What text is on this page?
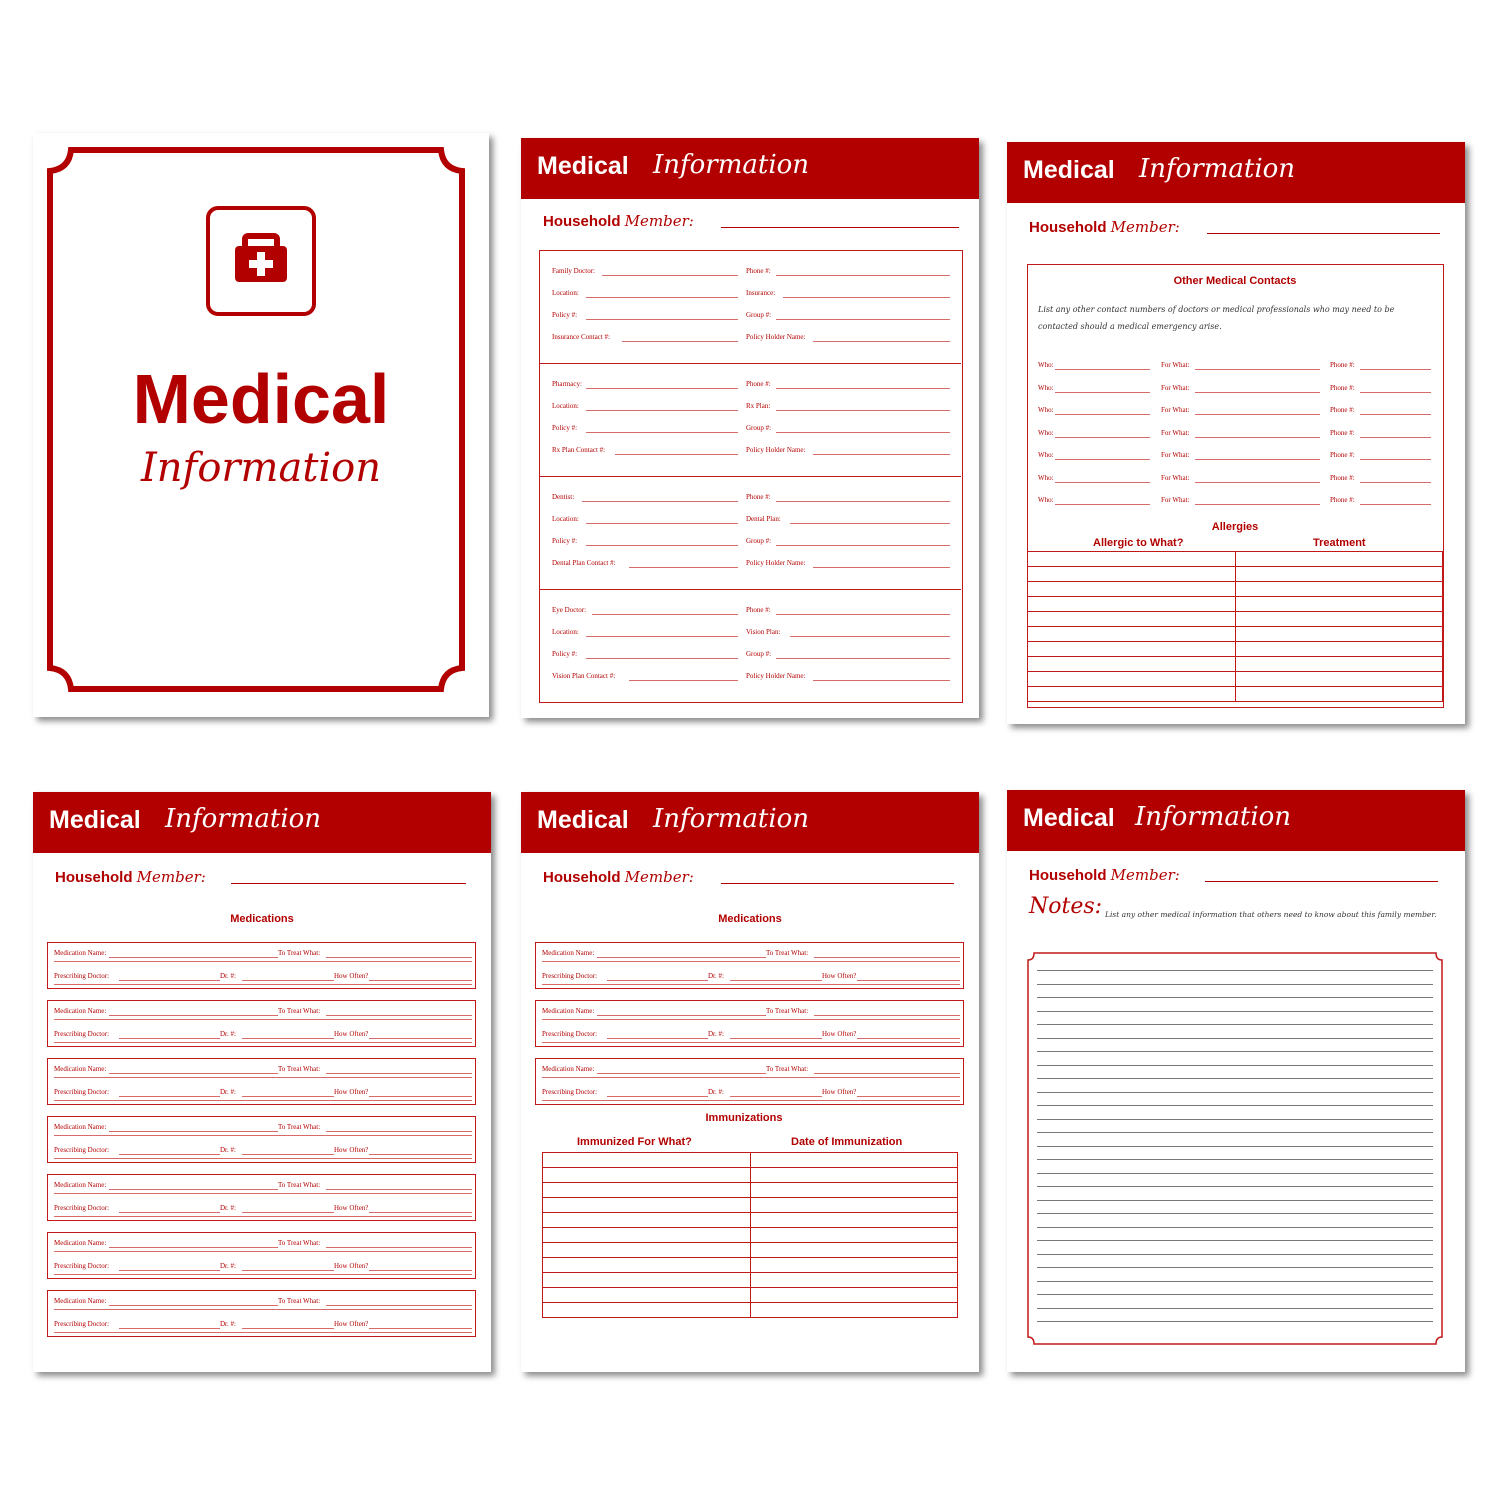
Medical
Information
Medical Information
Household Member:
Family Doctor:	Phone #:
Location:	Insurance:
Policy #:	Group #:
Insurance Contact #:	Policy Holder Name:
Pharmacy:	Phone #:
Location:	Rx Plan:
Policy #:	Group #:
Rx Plan Contact #:	Policy Holder Name:
Dentist:	Phone #:
Location:	Dental Plan:
Policy #:	Group #:
Dental Plan Contact #:	Policy Holder Name:
Eye Doctor:	Phone #:
Location:	Vision Plan:
Policy #:	Group #:
Vision Plan Contact #:	Policy Holder Name:
Medical Information
Household Member:
Other Medical Contacts
List any other contact numbers of doctors or medical professionals who may need to be contacted should a medical emergency arise.
Who:	For What:	Phone #:
Who:	For What:	Phone #:
Who:	For What:	Phone #:
Who:	For What:	Phone #:
Who:	For What:	Phone #:
Who:	For What:	Phone #:
Who:	For What:	Phone #:
Allergies
Allergic to What?	Treatment

Medical Information
Household Member:
Medications
Medication Name:	To Treat What:
Prescribing Doctor:	Dr. #:	How Often?
Medication Name:	To Treat What:
Prescribing Doctor:	Dr. #:	How Often?
Medication Name:	To Treat What:
Prescribing Doctor:	Dr. #:	How Often?
Medication Name:	To Treat What:
Prescribing Doctor:	Dr. #:	How Often?
Medication Name:	To Treat What:
Prescribing Doctor:	Dr. #:	How Often?
Medication Name:	To Treat What:
Prescribing Doctor:	Dr. #:	How Often?
Medication Name:	To Treat What:
Prescribing Doctor:	Dr. #:	How Often?
Medical Information
Household Member:
Medications
Medication Name:	To Treat What:
Prescribing Doctor:	Dr. #:	How Often?
Medication Name:	To Treat What:
Prescribing Doctor:	Dr. #:	How Often?
Medication Name:	To Treat What:
Prescribing Doctor:	Dr. #:	How Often?
Immunizations
Immunized For What?	Date of Immunization

Medical Information
Household Member:
Notes: List any other medical information that others need to know about this family member.
